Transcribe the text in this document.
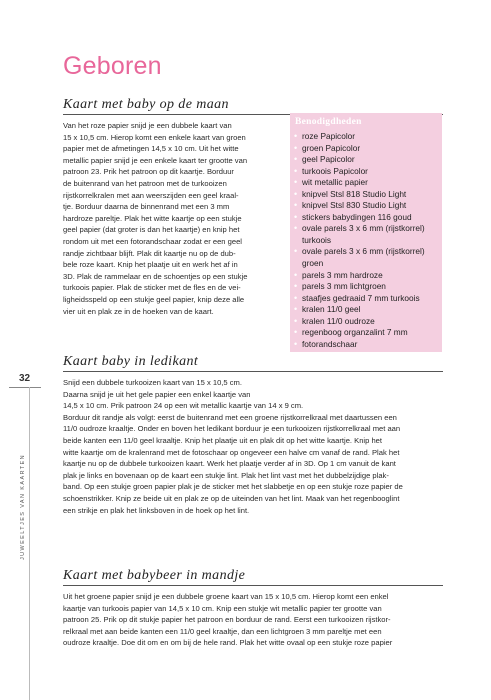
Geboren
Kaart met baby op de maan

Van het roze papier snijd je een dubbele kaart van
15 x 10,5 cm. Hierop komt een enkele kaart van groen
papier met de afmetingen 14,5 x 10 cm. Uit het witte
metallic papier snijd je een enkele kaart ter grootte van
patroon 23. Prik het patroon op dit kaartje. Borduur
de buitenrand van het patroon met de turkooizen
rijstkorrelkralen met aan weerszijden een geel kraal-
tje. Borduur daarna de binnenrand met een 3 mm
hardroze pareltje. Plak het witte kaartje op een stukje
geel papier (dat groter is dan het kaartje) en knip het
rondom uit met een fotorandschaar zodat er een geel
randje zichtbaar blijft. Plak dit kaartje nu op de dub-
bele roze kaart. Knip het plaatje uit en werk het af in
3D. Plak de rammelaar en de schoentjes op een stukje
turkoois papier. Plak de sticker met de fles en de vei-
ligheidsspeld op een stukje geel papier, knip deze alle
vier uit en plak ze in de hoeken van de kaart.

Benodigdheden
• roze Papicolor
• groen Papicolor
• geel Papicolor
• turkoois Papicolor
• wit metallic papier
• knipvel Stsl 818 Studio Light
• knipvel Stsl 830 Studio Light
• stickers babydingen 116 goud
• ovale parels 3 x 6 mm (rijstkorrel)
turkoois
• ovale parels 3 x 6 mm (rijstkorrel)
groen
• parels 3 mm hardroze
• parels 3 mm lichtgroen
• staafjes gedraaid 7 mm turkoois
• kralen 11/0 geel
• kralen 11/0 oudroze
• regenboog organzalint 7 mm
• fotorandschaar
Kaart baby in ledikant

Snijd een dubbele turkooizen kaart van 15 x 10,5 cm.
Daarna snijd je uit het gele papier een enkel kaartje van
14,5 x 10 cm. Prik patroon 24 op een wit metallic kaartje van 14 x 9 cm.
Borduur dit randje als volgt: eerst de buitenrand met een groene rijstkorrelkraal met daartussen een
11/0 oudroze kraaltje. Onder en boven het ledikant borduur je een turkooizen rijstkorrelkraal met aan
beide kanten een 11/0 geel kraaltje. Knip het plaatje uit en plak dit op het witte kaartje. Knip het
witte kaartje om de kralenrand met de fotoschaar op ongeveer een halve cm vanaf de rand. Plak het
kaartje nu op de dubbele turkooizen kaart. Werk het plaatje verder af in 3D. Op 1 cm vanuit de kant
plak je links en bovenaan op de kaart een stukje lint. Plak het lint vast met het dubbelzijdige plak-
band. Op een stukje groen papier plak je de sticker met het slabbetje en op een stukje roze papier de
schoenstrikker. Knip ze beide uit en plak ze op de uiteinden van het lint. Maak van het regenbooglint
een strikje en plak het linksboven in de hoek op het lint.

Kaart met babybeer in mandje

Uit het groene papier snijd je een dubbele groene kaart van 15 x 10,5 cm. Hierop komt een enkel
kaartje van turkoois papier van 14,5 x 10 cm. Knip een stukje wit metallic papier ter grootte van
patroon 25. Prik op dit stukje papier het patroon en borduur de rand. Eerst een turkooizen rijstkor-
relkraal met aan beide kanten een 11/0 geel kraaltje, dan een lichtgroen 3 mm pareltje met een
oudroze kraaltje. Doe dit om en om bij de hele rand. Plak het witte ovaal op een stukje roze papier

32
JUWEELTJES VAN KAARTEN
